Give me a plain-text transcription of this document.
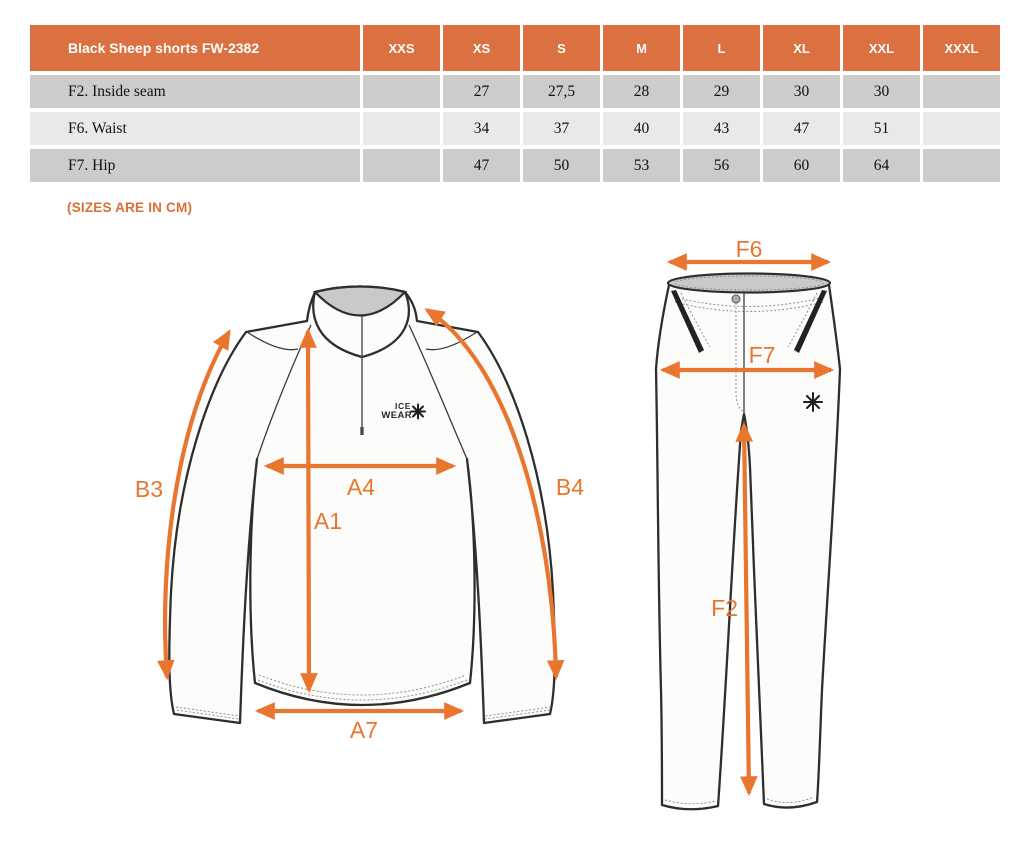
Black Sheep shorts FW-2382	XXS	XS	S	M	L	XL	XXL	XXXL
F2. Inside seam		27	27,5	28	29	30	30	
F6. Waist		34	37	40	43	47	51	
F7. Hip		47	50	53	56	60	64	
(SIZES ARE IN CM)
ICE
WEAR
B3	A4
A1
A7
B4
F6
F7
F2
